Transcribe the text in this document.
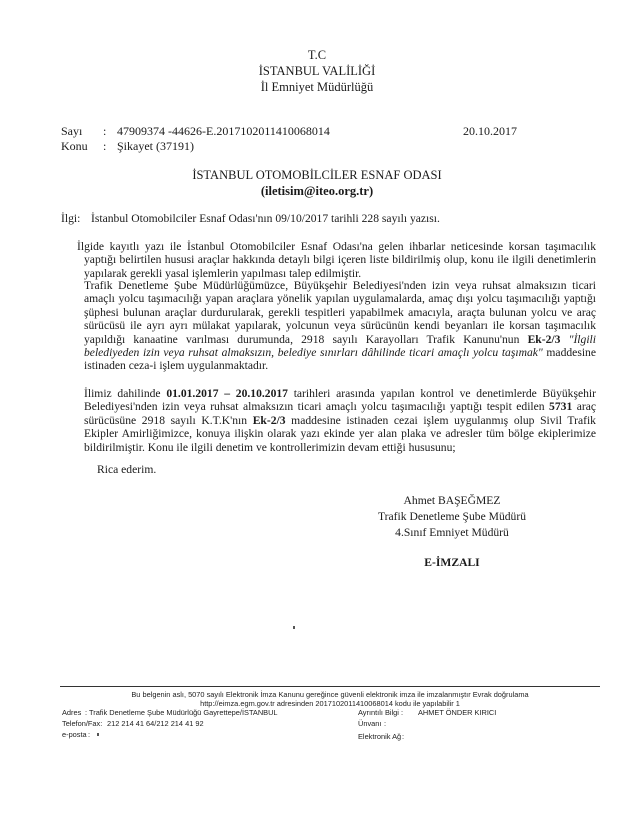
T.C
İSTANBUL VALİLİĞİ
İl Emniyet Müdürlüğü
Sayı : 47909374 -44626-E.2017102011410068014	20.10.2017
Konu : Şikayet (37191)
İSTANBUL OTOMOBİLCİLER ESNAF ODASI
(iletisim@iteo.org.tr)
İlgi: İstanbul Otomobilciler Esnaf Odası'nın 09/10/2017 tarihli 228 sayılı yazısı.
İlgide kayıtlı yazı ile İstanbul Otomobilciler Esnaf Odası'na gelen ihbarlar neticesinde korsan taşımacılık yaptığı belirtilen hususi araçlar hakkında detaylı bilgi içeren liste bildirilmiş olup, konu ile ilgili denetimlerin yapılarak gerekli yasal işlemlerin yapılması talep edilmiştir.
Trafik Denetleme Şube Müdürlüğümüzce, Büyükşehir Belediyesi'nden izin veya ruhsat almaksızın ticari amaçlı yolcu taşımacılığı yapan araçlara yönelik yapılan uygulamalarda, amaç dışı yolcu taşımacılığı yaptığı şüphesi bulunan araçlar durdurularak, gerekli tespitleri yapabilmek amacıyla, araçta bulunan yolcu ve araç sürücüsü ile ayrı ayrı mülakat yapılarak, yolcunun veya sürücünün kendi beyanları ile korsan taşımacılık yapıldığı kanaatine varılması durumunda, 2918 sayılı Karayolları Trafik Kanunu'nun Ek-2/3 "İlgili belediyeden izin veya ruhsat almaksızın, belediye sınırları dâhilinde ticari amaçlı yolcu taşımak" maddesine istinaden ceza-i işlem uygulanmaktadır.
İlimiz dahilinde 01.01.2017 – 20.10.2017 tarihleri arasında yapılan kontrol ve denetimlerde Büyükşehir Belediyesi'nden izin veya ruhsat almaksızın ticari amaçlı yolcu taşımacılığı yaptığı tespit edilen 5731 araç sürücüsüne 2918 sayılı K.T.K'nın Ek-2/3 maddesine istinaden cezai işlem uygulanmış olup Sivil Trafik Ekipler Amirliğimizce, konuya ilişkin olarak yazı ekinde yer alan plaka ve adresler tüm bölge ekiplerimize bildirilmiştir. Konu ile ilgili denetim ve kontrollerimizin devam ettiği hususunu;
Rica ederim.
Ahmet BAŞEĞMEZ
Trafik Denetleme Şube Müdürü
4.Sınıf Emniyet Müdürü
E-İMZALI
Bu belgenin aslı, 5070 sayılı Elektronik İmza Kanunu gereğince güvenli elektronik imza ile imzalanmıştır Evrak doğrulama
http://eimza.egm.gov.tr adresinden 2017102011410068014 kodu ile yapılabilir 1
Adres : Trafik Denetleme Şube Müdürlüğü Gayrettepe/İSTANBUL	Ayrıntılı Bilgi : AHMET ÖNDER KIRICI
Telefon/Fax: 212 214 41 64/212 214 41 92	Ünvanı :
e-posta :	Elektronik Ağ :
